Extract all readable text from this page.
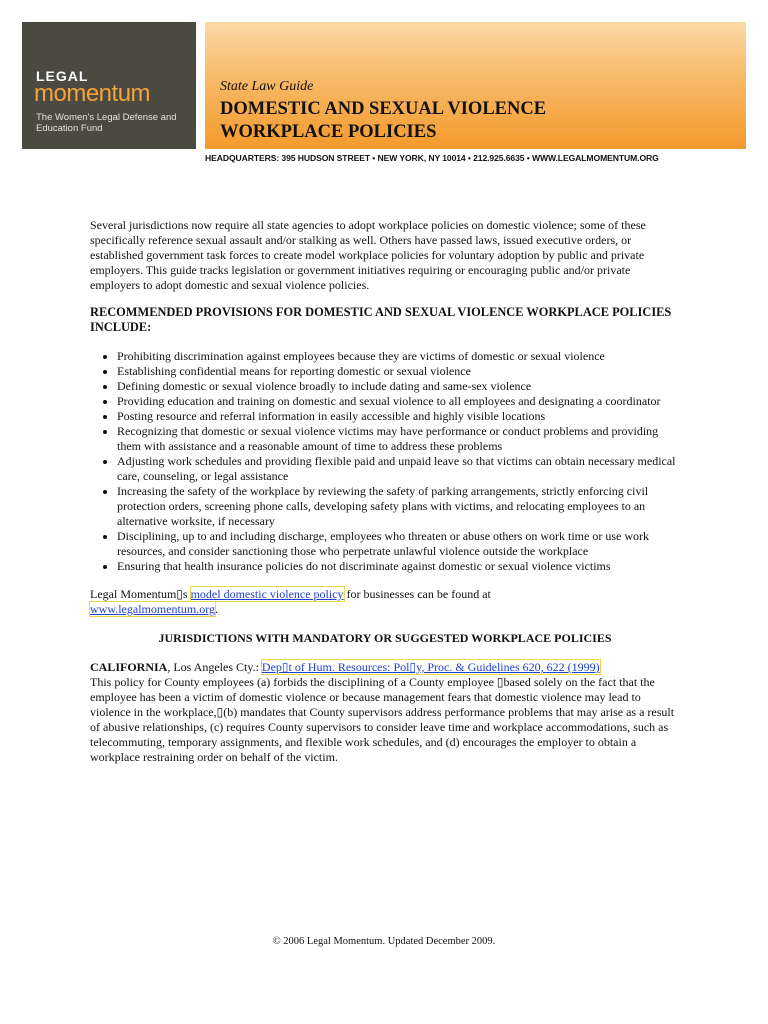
LEGAL
momentum
The Women's Legal Defense and Education Fund
State Law Guide
DOMESTIC AND SEXUAL VIOLENCE
WORKPLACE POLICIES
HEADQUARTERS: 395 HUDSON STREET • NEW YORK, NY 10014 • 212.925.6635 • WWW.LEGALMOMENTUM.ORG

Several jurisdictions now require all state agencies to adopt workplace policies on domestic violence; some of these specifically reference sexual assault and/or stalking as well. Others have passed laws, issued executive orders, or established government task forces to create model workplace policies for voluntary adoption by public and private employers. This guide tracks legislation or government initiatives requiring or encouraging public and/or private employers to adopt domestic and sexual violence policies.

RECOMMENDED PROVISIONS FOR DOMESTIC AND SEXUAL VIOLENCE WORKPLACE POLICIES INCLUDE:

• Prohibiting discrimination against employees because they are victims of domestic or sexual violence
• Establishing confidential means for reporting domestic or sexual violence
• Defining domestic or sexual violence broadly to include dating and same-sex violence
• Providing education and training on domestic and sexual violence to all employees and designating a coordinator
• Posting resource and referral information in easily accessible and highly visible locations
• Recognizing that domestic or sexual violence victims may have performance or conduct problems and providing them with assistance and a reasonable amount of time to address these problems
• Adjusting work schedules and providing flexible paid and unpaid leave so that victims can obtain necessary medical care, counseling, or legal assistance
• Increasing the safety of the workplace by reviewing the safety of parking arrangements, strictly enforcing civil protection orders, screening phone calls, developing safety plans with victims, and relocating employees to an alternative worksite, if necessary
• Disciplining, up to and including discharge, employees who threaten or abuse others on work time or use work resources, and consider sanctioning those who perpetrate unlawful violence outside the workplace
• Ensuring that health insurance policies do not discriminate against domestic or sexual violence victims

Legal Momentum▯s model domestic violence policy for businesses can be found at
www.legalmomentum.org.

JURISDICTIONS WITH MANDATORY OR SUGGESTED WORKPLACE POLICIES

CALIFORNIA, Los Angeles Cty.: Dep▯t of Hum. Resources: Pol▯y, Proc. & Guidelines 620, 622 (1999)
This policy for County employees (a) forbids the disciplining of a County employee ▯based solely on the fact that the employee has been a victim of domestic violence or because management fears that domestic violence may lead to violence in the workplace,▯(b) mandates that County supervisors address performance problems that may arise as a result of abusive relationships, (c) requires County supervisors to consider leave time and workplace accommodations, such as telecommuting, temporary assignments, and flexible work schedules, and (d) encourages the employer to obtain a workplace restraining order on behalf of the victim.

© 2006 Legal Momentum. Updated December 2009.
